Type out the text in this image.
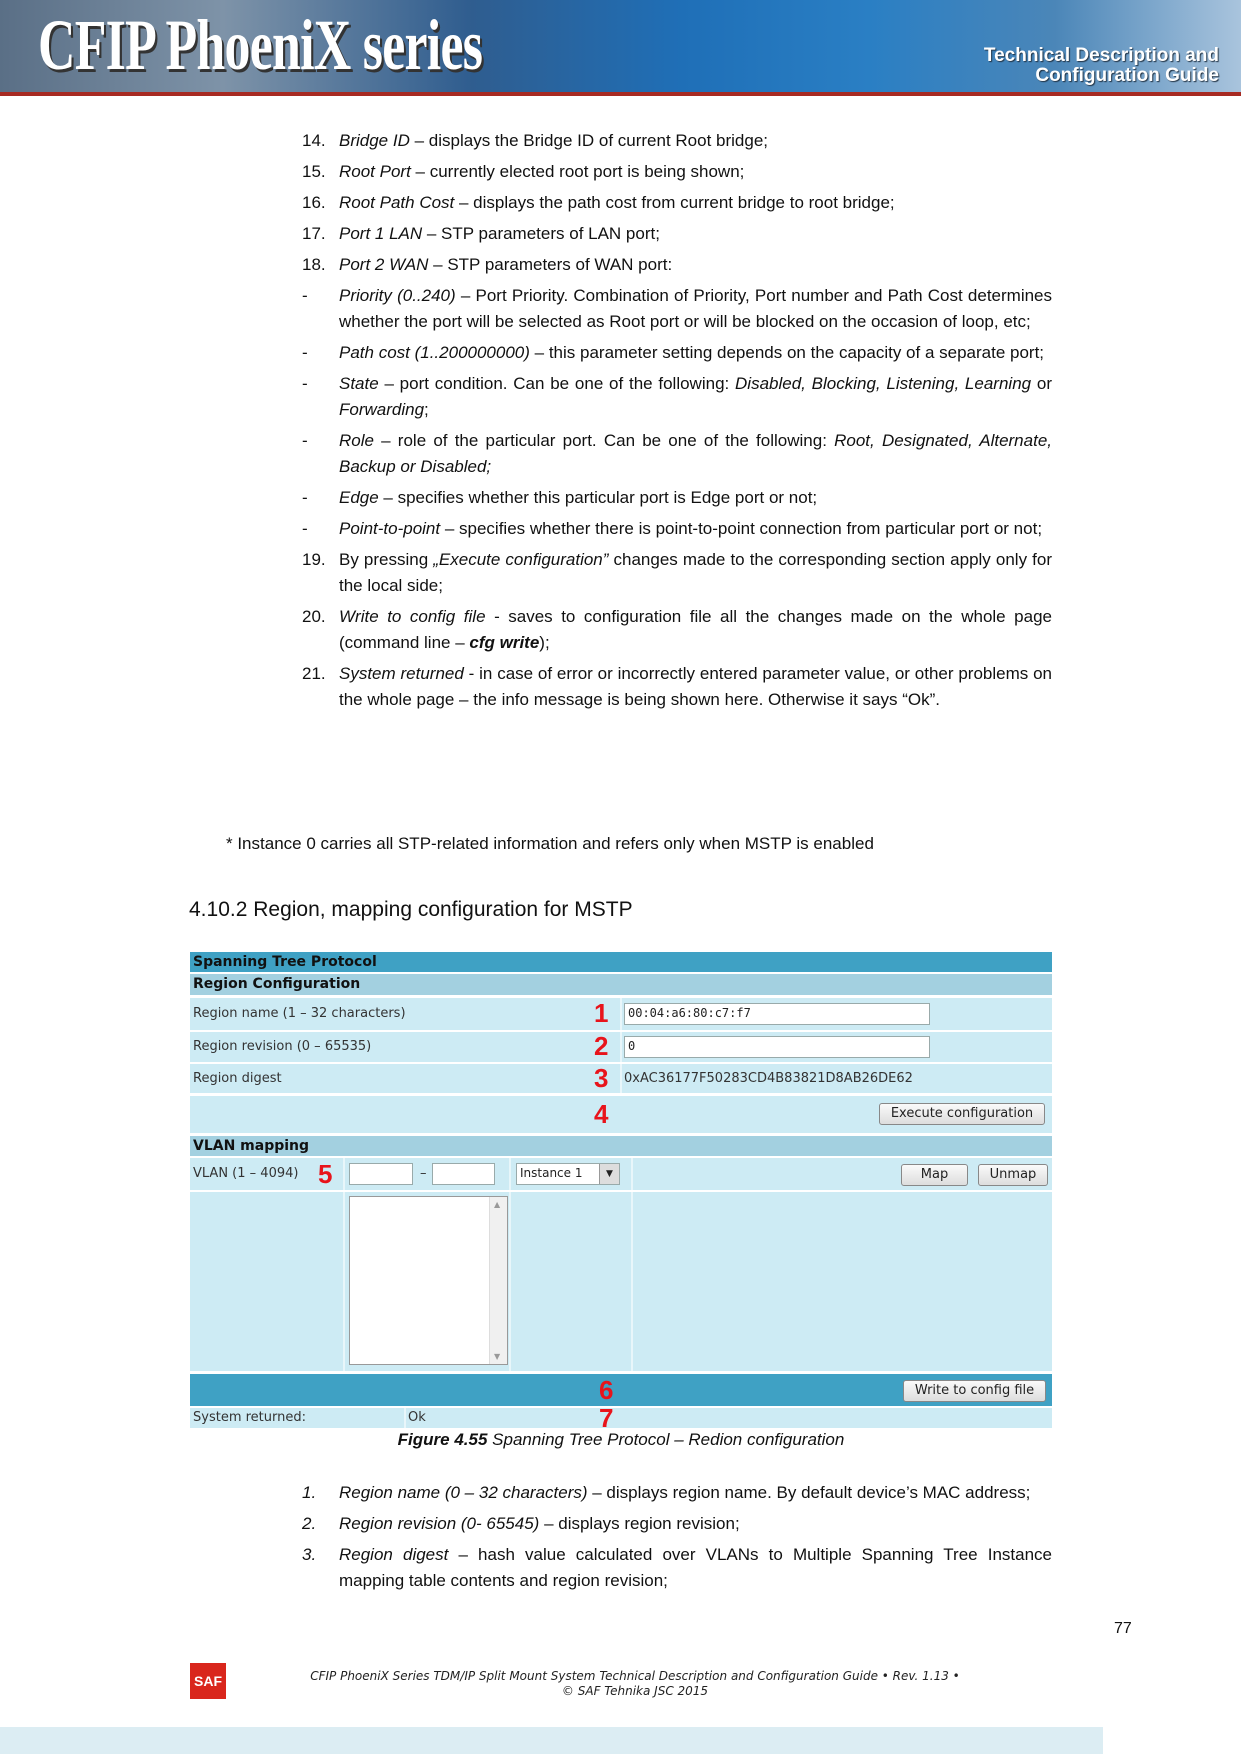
CFIP PhoeniX series	Technical Description and
Configuration Guide
14. Bridge ID – displays the Bridge ID of current Root bridge;
15. Root Port – currently elected root port is being shown;
16. Root Path Cost – displays the path cost from current bridge to root bridge;
17. Port 1 LAN – STP parameters of LAN port;
18. Port 2 WAN – STP parameters of WAN port:
- Priority (0..240) – Port Priority. Combination of Priority, Port number and Path Cost determines whether the port will be selected as Root port or will be blocked on the occasion of loop, etc;
- Path cost (1..200000000) – this parameter setting depends on the capacity of a separate port;
- State – port condition. Can be one of the following: Disabled, Blocking, Listening, Learning or Forwarding;
- Role – role of the particular port. Can be one of the following: Root, Designated, Alternate, Backup or Disabled;
- Edge – specifies whether this particular port is Edge port or not;
- Point-to-point – specifies whether there is point-to-point connection from particular port or not;
19. By pressing „Execute configuration” changes made to the corresponding section apply only for the local side;
20. Write to config file - saves to configuration file all the changes made on the whole page (command line – cfg write);
21. System returned - in case of error or incorrectly entered parameter value, or other problems on the whole page – the info message is being shown here. Otherwise it says “Ok”.
* Instance 0 carries all STP-related information and refers only when MSTP is enabled
4.10.2 Region, mapping configuration for MSTP
Spanning Tree Protocol
Region Configuration
Region name (1 – 32 characters)	1	00:04:a6:80:c7:f7
Region revision (0 – 65535)	2	0
Region digest	3 0xAC36177F50283CD4B83821D8AB26DE62
4	Execute configuration
VLAN mapping
VLAN (1 – 4094) 5	–	Instance 1	▼	Map	Unmap
▲
▼
6	Write to config file
System returned:	Ok	7
Figure 4.55 Spanning Tree Protocol – Redion configuration
1. Region name (0 – 32 characters) – displays region name. By default device’s MAC address;
2. Region revision (0- 65545) – displays region revision;
3. Region digest – hash value calculated over VLANs to Multiple Spanning Tree Instance mapping table contents and region revision;
77
SAF	CFIP PhoeniX Series TDM/IP Split Mount System Technical Description and Configuration Guide • Rev. 1.13 •
© SAF Tehnika JSC 2015
